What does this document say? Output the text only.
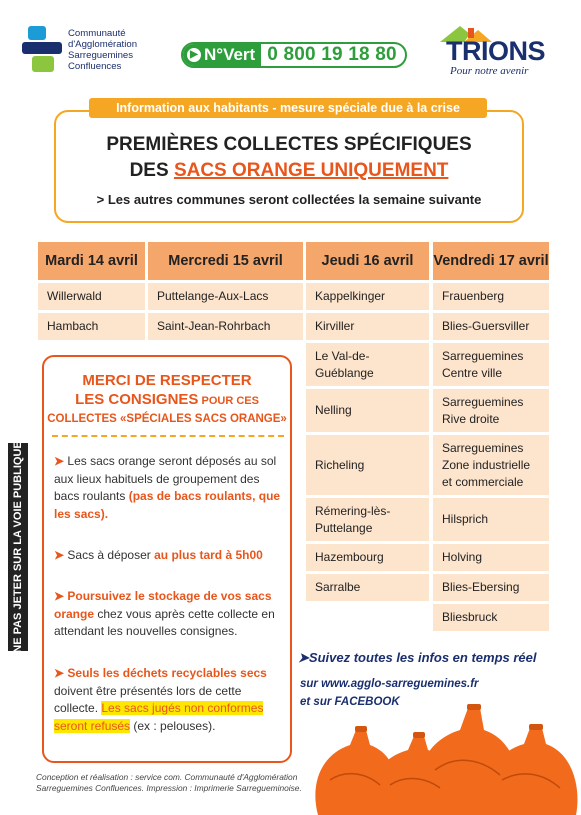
Communauté
d'Agglomération
Sarreguemines
Confluences
▶ N°Vert 0 800 19 18 80 TRIONS
Pour notre avenir
PREMIÈRES COLLECTES SPÉCIFIQUES
DES SACS ORANGE UNIQUEMENT
> Les autres communes seront collectées la semaine suivante
Information aux habitants - mesure spéciale due à la crise sanitaire
Mardi 14 avril
Willerwald
Hambach
Mercredi 15 avril
Puttelange-Aux-Lacs
Saint-Jean-Rohrbach
Jeudi 16 avril
Kappelkinger
Kirviller
Le Val-de-Guéblange
Nelling
Richeling
Rémering-lès-Puttelange
Hazembourg
Sarralbe
Vendredi 17 avril
Frauenberg
Blies-Guersviller
Sarreguemines Centre ville
Sarreguemines Rive droite
Sarreguemines Zone industrielle et commerciale
Hilsprich
Holving
Blies-Ebersing
Bliesbruck
MERCI DE RESPECTER
LES CONSIGNES POUR CES
COLLECTES «SPÉCIALES SACS ORANGE»
➤ Les sacs orange seront déposés au sol aux lieux habituels de groupement des bacs roulants (pas de bacs roulants, que les sacs).
➤ Sacs à déposer au plus tard à 5h00
➤ Poursuivez le stockage de vos sacs orange chez vous après cette collecte en attendant les nouvelles consignes.
➤ Seuls les déchets recyclables secs doivent être présentés lors de cette collecte. Les sacs jugés non conformes seront refusés (ex : pelouses).
NE PAS JETER SUR LA VOIE PUBLIQUE
➤Suivez toutes les infos en temps réel
sur www.agglo-sarreguemines.fr
et sur FACEBOOK
Conception et réalisation : service com. Communauté d'Agglomération Sarreguemines Confluences. Impression : Imprimerie Sarregueminoise.
